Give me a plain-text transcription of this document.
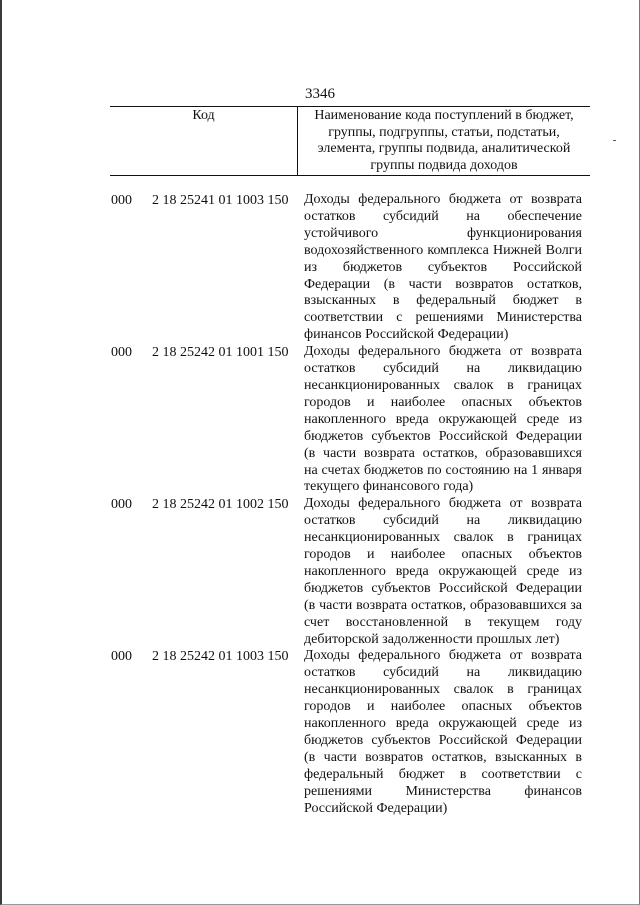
3346
Код	Наименование кода поступлений в бюджет, группы, подгруппы, статьи, подстатьи, элемента, группы подвида, аналитической группы подвида доходов
000 2 18 25241 01 1003 150 Доходы федерального бюджета от возврата остатков субсидий на обеспечение устойчивого функционирования водохозяйственного комплекса Нижней Волги из бюджетов субъектов Российской Федерации (в части возвратов остатков, взысканных в федеральный бюджет в соответствии с решениями Министерства финансов Российской Федерации)
000 2 18 25242 01 1001 150 Доходы федерального бюджета от возврата остатков субсидий на ликвидацию несанкционированных свалок в границах городов и наиболее опасных объектов накопленного вреда окружающей среде из бюджетов субъектов Российской Федерации (в части возврата остатков, образовавшихся на счетах бюджетов по состоянию на 1 января текущего финансового года)
000 2 18 25242 01 1002 150 Доходы федерального бюджета от возврата остатков субсидий на ликвидацию несанкционированных свалок в границах городов и наиболее опасных объектов накопленного вреда окружающей среде из бюджетов субъектов Российской Федерации (в части возврата остатков, образовавшихся за счет восстановленной в текущем году дебиторской задолженности прошлых лет)
000 2 18 25242 01 1003 150 Доходы федерального бюджета от возврата остатков субсидий на ликвидацию несанкционированных свалок в границах городов и наиболее опасных объектов накопленного вреда окружающей среде из бюджетов субъектов Российской Федерации (в части возвратов остатков, взысканных в федеральный бюджет в соответствии с решениями Министерства финансов Российской Федерации)
